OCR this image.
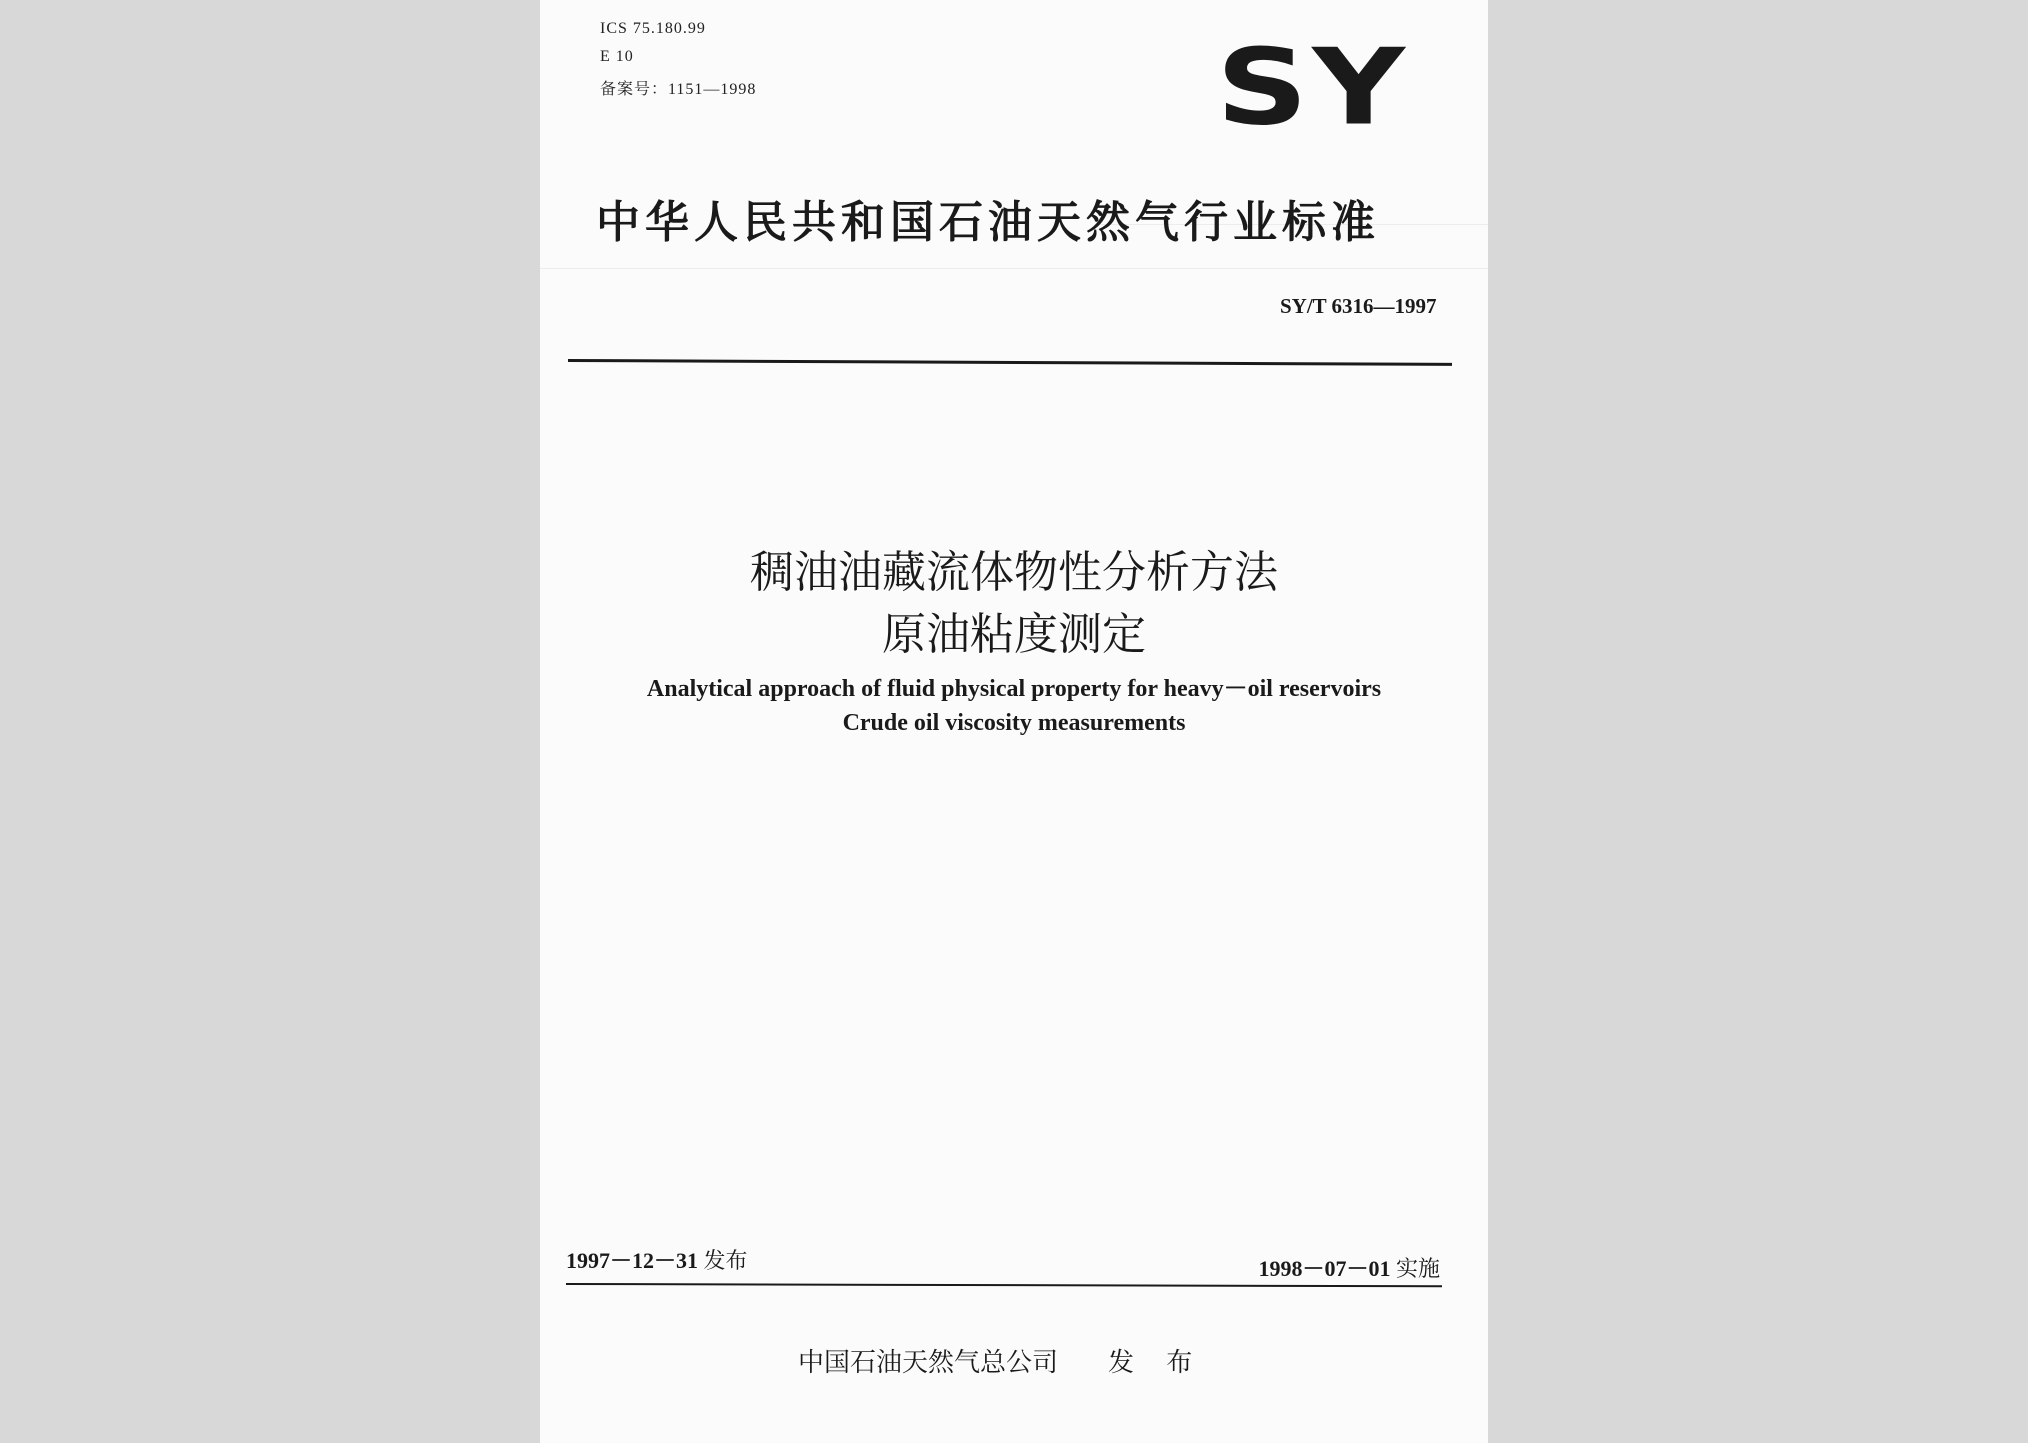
ICS 75.180.99
E 10
备案号：1151—1998	SY
中华人民共和国石油天然气行业标准
SY/T 6316—1997
稠油油藏流体物性分析方法
原油粘度测定
Analytical approach of fluid physical property for heavy－oil reservoirs
Crude oil viscosity measurements
1997－12－31 发布	1998－07－01 实施
中国石油天然气总公司 发 布
